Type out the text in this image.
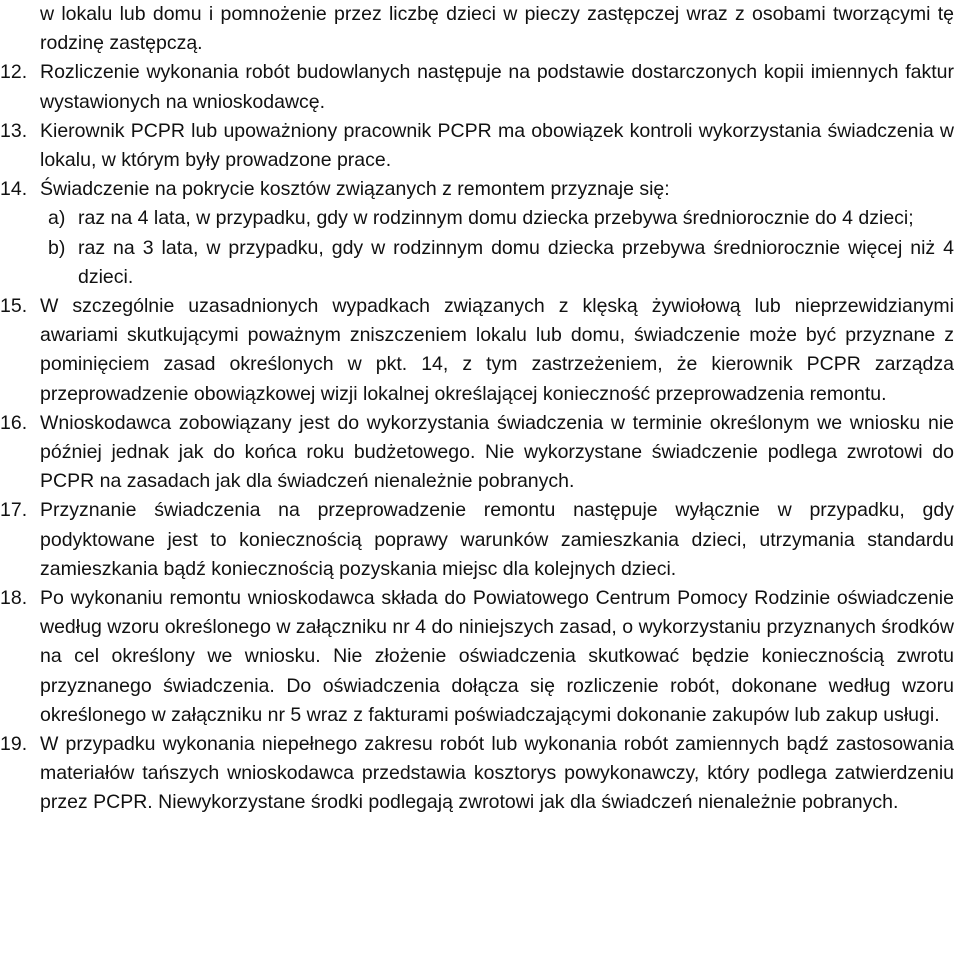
w lokalu lub domu i pomnożenie przez liczbę dzieci w pieczy zastępczej wraz z osobami tworzącymi tę rodzinę zastępczą.
12. Rozliczenie wykonania robót budowlanych następuje na podstawie dostarczonych kopii imiennych faktur wystawionych na wnioskodawcę.
13. Kierownik PCPR lub upoważniony pracownik PCPR ma obowiązek kontroli wykorzystania świadczenia w lokalu, w którym były prowadzone prace.
14. Świadczenie na pokrycie kosztów związanych z remontem przyznaje się:
a) raz na 4 lata, w przypadku, gdy w rodzinnym domu dziecka przebywa średniorocznie do 4 dzieci;
b) raz na 3 lata, w przypadku, gdy w rodzinnym domu dziecka przebywa średniorocznie więcej niż 4 dzieci.
15. W szczególnie uzasadnionych wypadkach związanych z klęską żywiołową lub nieprzewidzianymi awariami skutkującymi poważnym zniszczeniem lokalu lub domu, świadczenie może być przyznane z pominięciem zasad określonych w pkt. 14, z tym zastrzeżeniem, że kierownik PCPR zarządza przeprowadzenie obowiązkowej wizji lokalnej określającej konieczność przeprowadzenia remontu.
16. Wnioskodawca zobowiązany jest do wykorzystania świadczenia w terminie określonym we wniosku nie później jednak jak do końca roku budżetowego. Nie wykorzystane świadczenie podlega zwrotowi do PCPR na zasadach jak dla świadczeń nienależnie pobranych.
17. Przyznanie świadczenia na przeprowadzenie remontu następuje wyłącznie w przypadku, gdy podyktowane jest to koniecznością poprawy warunków zamieszkania dzieci, utrzymania standardu zamieszkania bądź koniecznością pozyskania miejsc dla kolejnych dzieci.
18. Po wykonaniu remontu wnioskodawca składa do Powiatowego Centrum Pomocy Rodzinie oświadczenie według wzoru określonego w załączniku nr 4 do niniejszych zasad, o wykorzystaniu przyznanych środków na cel określony we wniosku. Nie złożenie oświadczenia skutkować będzie koniecznością zwrotu przyznanego świadczenia. Do oświadczenia dołącza się rozliczenie robót, dokonane według wzoru określonego w załączniku nr 5 wraz z fakturami poświadczającymi dokonanie zakupów lub zakup usługi.
19. W przypadku wykonania niepełnego zakresu robót lub wykonania robót zamiennych bądź zastosowania materiałów tańszych wnioskodawca przedstawia kosztorys powykonawczy, który podlega zatwierdzeniu przez PCPR. Niewykorzystane środki podlegają zwrotowi jak dla świadczeń nienależnie pobranych.
